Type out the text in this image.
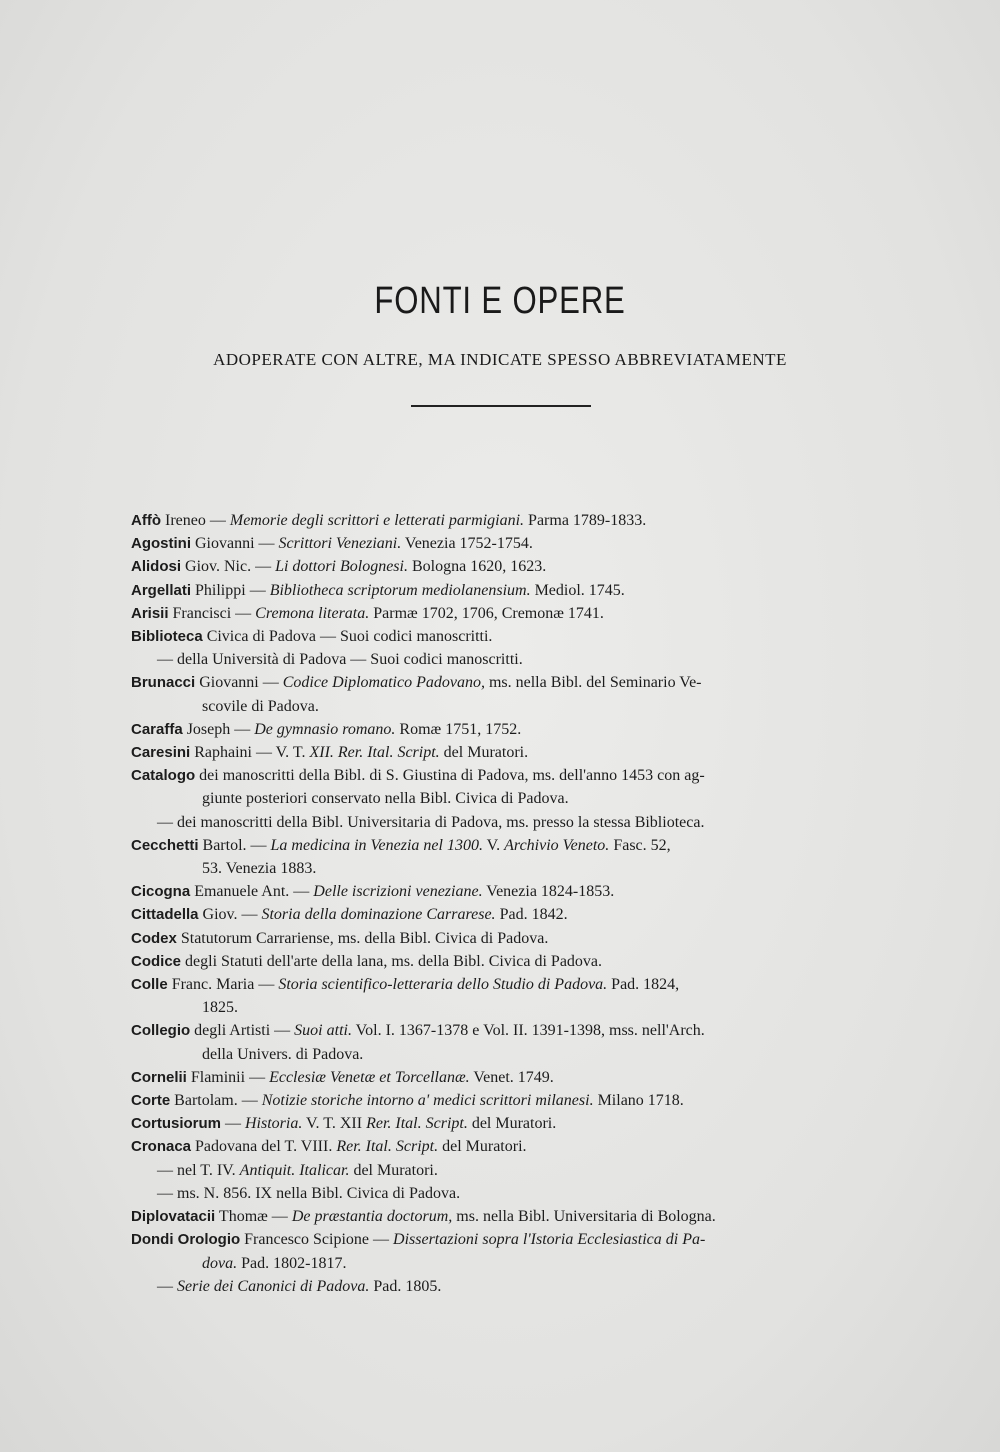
FONTI E OPERE
ADOPERATE CON ALTRE, MA INDICATE SPESSO ABBREVIATAMENTE
Affò Ireneo — Memorie degli scrittori e letterati parmigiani. Parma 1789-1833.
Agostini Giovanni — Scrittori Veneziani. Venezia 1752-1754.
Alidosi Giov. Nic. — Li dottori Bolognesi. Bologna 1620, 1623.
Argellati Philippi — Bibliotheca scriptorum mediolanensium. Mediol. 1745.
Arisii Francisci — Cremona literata. Parmæ 1702, 1706, Cremonæ 1741.
Biblioteca Civica di Padova — Suoi codici manoscritti.
— della Università di Padova — Suoi codici manoscritti.
Brunacci Giovanni — Codice Diplomatico Padovano, ms. nella Bibl. del Seminario Ve-
scovile di Padova.
Caraffa Joseph — De gymnasio romano. Romæ 1751, 1752.
Caresini Raphaini — V. T. XII. Rer. Ital. Script. del Muratori.
Catalogo dei manoscritti della Bibl. di S. Giustina di Padova, ms. dell'anno 1453 con ag-
giunte posteriori conservato nella Bibl. Civica di Padova.
— dei manoscritti della Bibl. Universitaria di Padova, ms. presso la stessa Biblioteca.
Cecchetti Bartol. — La medicina in Venezia nel 1300. V. Archivio Veneto. Fasc. 52,
53. Venezia 1883.
Cicogna Emanuele Ant. — Delle iscrizioni veneziane. Venezia 1824-1853.
Cittadella Giov. — Storia della dominazione Carrarese. Pad. 1842.
Codex Statutorum Carrariense, ms. della Bibl. Civica di Padova.
Codice degli Statuti dell'arte della lana, ms. della Bibl. Civica di Padova.
Colle Franc. Maria — Storia scientifico-letteraria dello Studio di Padova. Pad. 1824,
1825.
Collegio degli Artisti — Suoi atti. Vol. I. 1367-1378 e Vol. II. 1391-1398, mss. nell'Arch.
della Univers. di Padova.
Cornelii Flaminii — Ecclesiæ Venetæ et Torcellanæ. Venet. 1749.
Corte Bartolam. — Notizie storiche intorno a' medici scrittori milanesi. Milano 1718.
Cortusiorum — Historia. V. T. XII Rer. Ital. Script. del Muratori.
Cronaca Padovana del T. VIII. Rer. Ital. Script. del Muratori.
— nel T. IV. Antiquit. Italicar. del Muratori.
— ms. N. 856. IX nella Bibl. Civica di Padova.
Diplovatacii Thomæ — De præstantia doctorum, ms. nella Bibl. Universitaria di Bologna.
Dondi Orologio Francesco Scipione — Dissertazioni sopra l'Istoria Ecclesiastica di Pa-
dova. Pad. 1802-1817.
— Serie dei Canonici di Padova. Pad. 1805.
